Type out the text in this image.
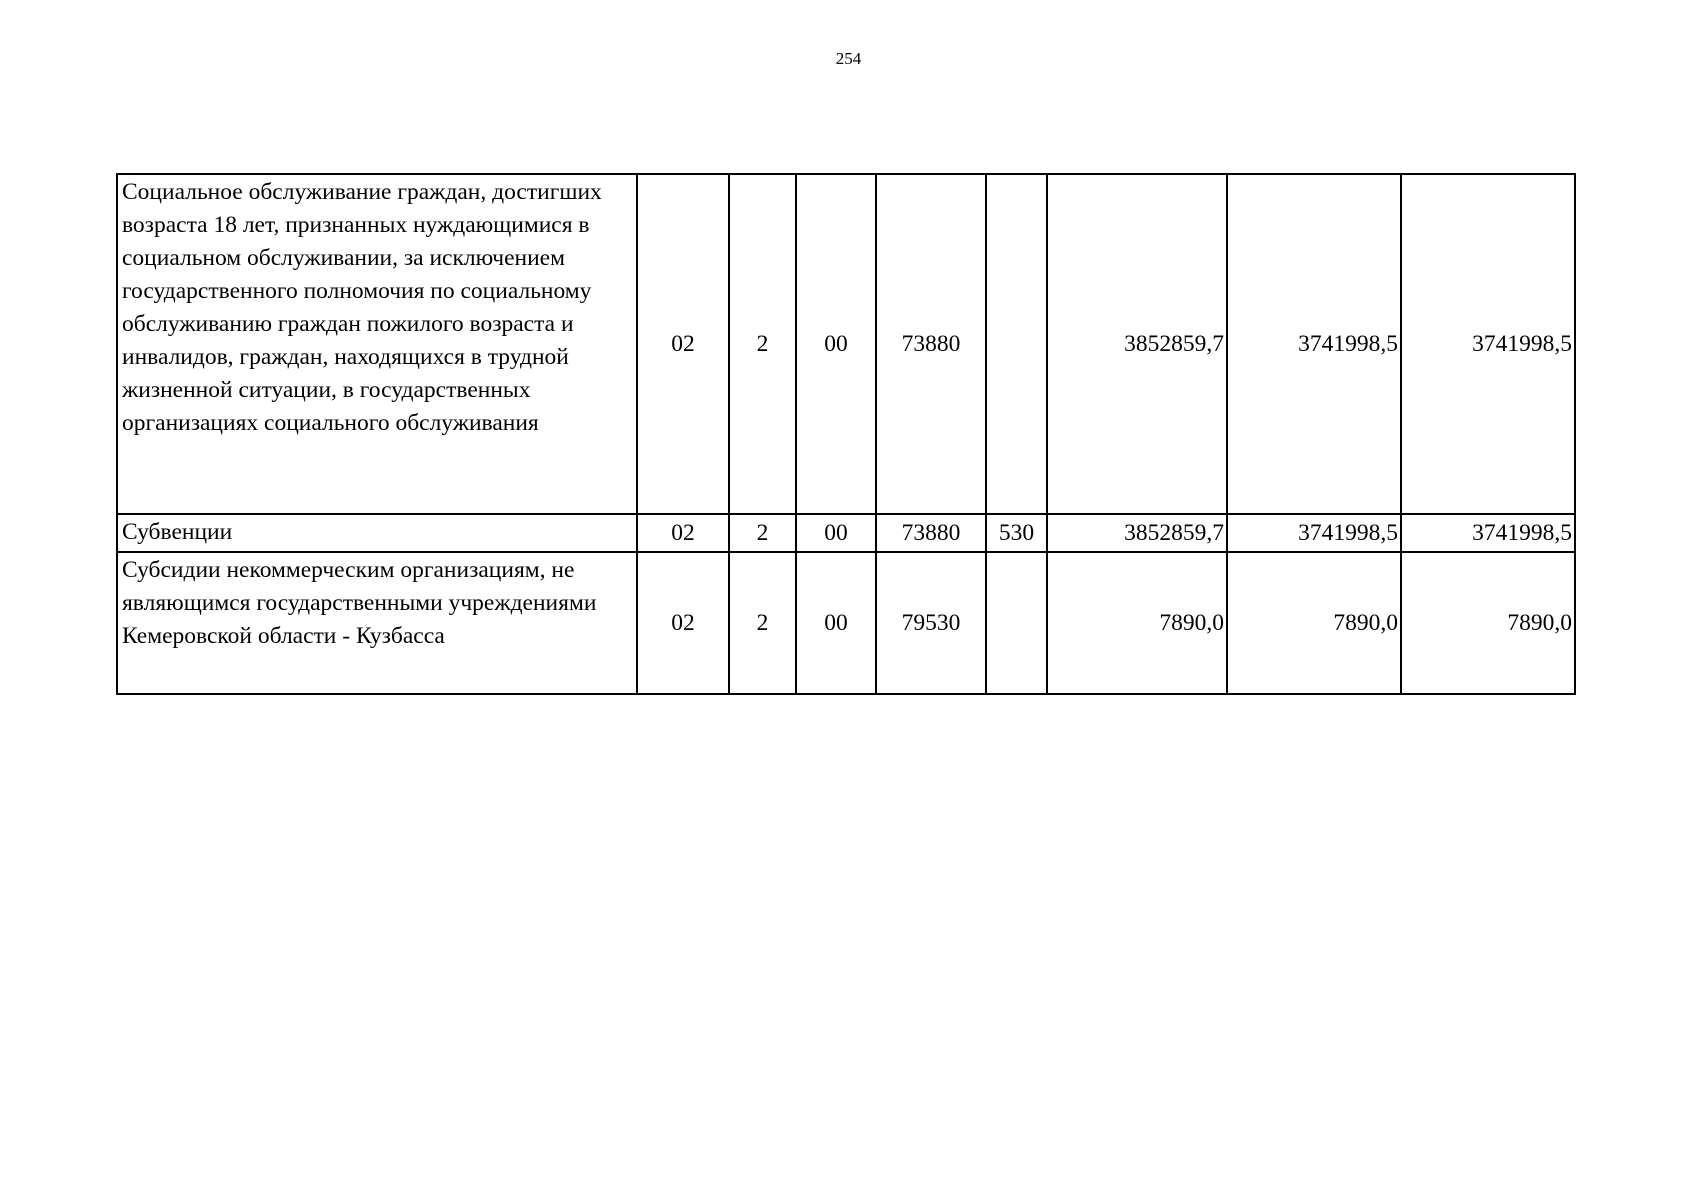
254
Социальное обслуживание граждан, достигших возраста 18 лет, признанных нуждающимися в социальном обслуживании, за исключением государственного полномочия по социальному обслуживанию граждан пожилого возраста и инвалидов, граждан, находящихся в трудной жизненной ситуации, в государственных организациях социального обслуживания	02	2	00	73880		3852859,7	3741998,5	3741998,5
Субвенции	02	2	00	73880	530	3852859,7	3741998,5	3741998,5
Субсидии некоммерческим организациям, не являющимся государственными учреждениями Кемеровской области - Кузбасса	02	2	00	79530		7890,0	7890,0	7890,0
